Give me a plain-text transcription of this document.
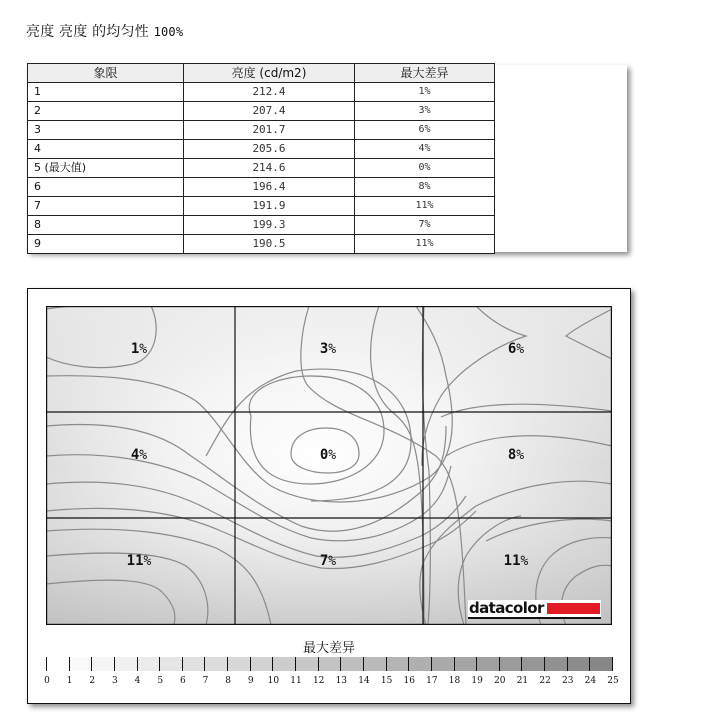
亮度 亮度 的均匀性 100%
象限	亮度 (cd/m2)	最大差异
1	212.4	1%
2	207.4	3%
3	201.7	6%
4	205.6	4%
5 (最大值)	214.6	0%
6	196.4	8%
7	191.9	11%
8	199.3	7%
9	190.5	11%
1%	3%	6%
4%	0%	8%
11%	7%	11%
datacolor
最大差异
0 1 2 3 4 5 6 7 8 9 10 11 12 13 14 15 16 17 18 19 20 21 22 23 24 25
